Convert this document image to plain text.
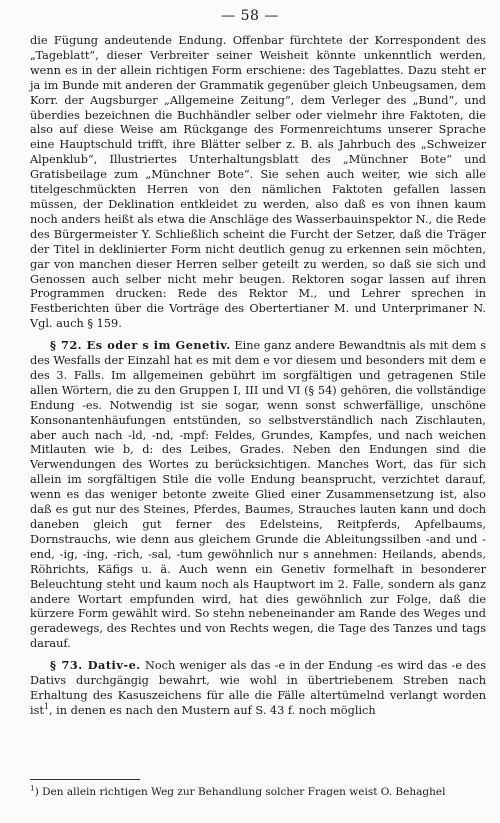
— 58 —

die Fügung andeutende Endung. Offenbar fürchtete der Korrespondent des „Tageblatt“, dieser Verbreiter seiner Weisheit könnte unkenntlich werden, wenn es in der allein richtigen Form erschiene: des Tageblattes. Dazu steht er ja im Bunde mit anderen der Grammatik gegenüber gleich Unbeugsamen, dem Korr. der Augsburger „Allgemeine Zeitung“, dem Verleger des „Bund“, und überdies bezeichnen die Buchhändler selber oder vielmehr ihre Faktoten, die also auf diese Weise am Rückgange des Formenreichtums unserer Sprache eine Hauptschuld trifft, ihre Blätter selber z. B. als Jahrbuch des „Schweizer Alpenklub“, Illustriertes Unterhaltungsblatt des „Münchner Bote“ und Gratisbeilage zum „Münchner Bote“. Sie sehen auch weiter, wie sich alle titelgeschmückten Herren von den nämlichen Faktoten gefallen lassen müssen, der Deklination entkleidet zu werden, also daß es von ihnen kaum noch anders heißt als etwa die Anschläge des Wasserbauinspektor N., die Rede des Bürgermeister Y. Schließlich scheint die Furcht der Setzer, daß die Träger der Titel in deklinierter Form nicht deutlich genug zu erkennen sein möchten, gar von manchen dieser Herren selber geteilt zu werden, so daß sie sich und Genossen auch selber nicht mehr beugen. Rektoren sogar lassen auf ihren Programmen drucken: Rede des Rektor M., und Lehrer sprechen in Festberichten über die Vorträge des Obertertianer M. und Unterprimaner N. Vgl. auch § 159.

§ 72. Es oder s im Genetiv. Eine ganz andere Bewandtnis als mit dem s des Wesfalls der Einzahl hat es mit dem e vor diesem und besonders mit dem e des 3. Falls. Im allgemeinen gebührt im sorgfältigen und getragenen Stile allen Wörtern, die zu den Gruppen I, III und VI (§ 54) gehören, die vollständige Endung -es. Notwendig ist sie sogar, wenn sonst schwerfällige, unschöne Konsonantenhäufungen entstünden, so selbstverständlich nach Zischlauten, aber auch nach -ld, -nd, -mpf: Feldes, Grundes, Kampfes, und nach weichen Mitlauten wie b, d: des Leibes, Grades. Neben den Endungen sind die Verwendungen des Wortes zu berücksichtigen. Manches Wort, das für sich allein im sorgfältigen Stile die volle Endung beansprucht, verzichtet darauf, wenn es das weniger betonte zweite Glied einer Zusammensetzung ist, also daß es gut nur des Steines, Pferdes, Baumes, Strauches lauten kann und doch daneben gleich gut ferner des Edelsteins, Reitpferds, Apfelbaums, Dornstrauchs, wie denn aus gleichem Grunde die Ableitungssilben -and und -end, -ig, -ing, -rich, -sal, -tum gewöhnlich nur s annehmen: Heilands, abends, Röhrichts, Käfigs u. ä. Auch wenn ein Genetiv formelhaft in besonderer Beleuchtung steht und kaum noch als Hauptwort im 2. Falle, sondern als ganz andere Wortart empfunden wird, hat dies gewöhnlich zur Folge, daß die kürzere Form gewählt wird. So stehn nebeneinander am Rande des Weges und geradewegs, des Rechtes und von Rechts wegen, die Tage des Tanzes und tags darauf.

§ 73. Dativ-e. Noch weniger als das -e in der Endung -es wird das -e des Dativs durchgängig bewahrt, wie wohl in übertriebenem Streben nach Erhaltung des Kasuszeichens für alle die Fälle altertümelnd verlangt worden ist$^1$, in denen es nach den Mustern auf S. 43 f. noch möglich

$^1$) Den allein richtigen Weg zur Behandlung solcher Fragen weist O. Behaghel
